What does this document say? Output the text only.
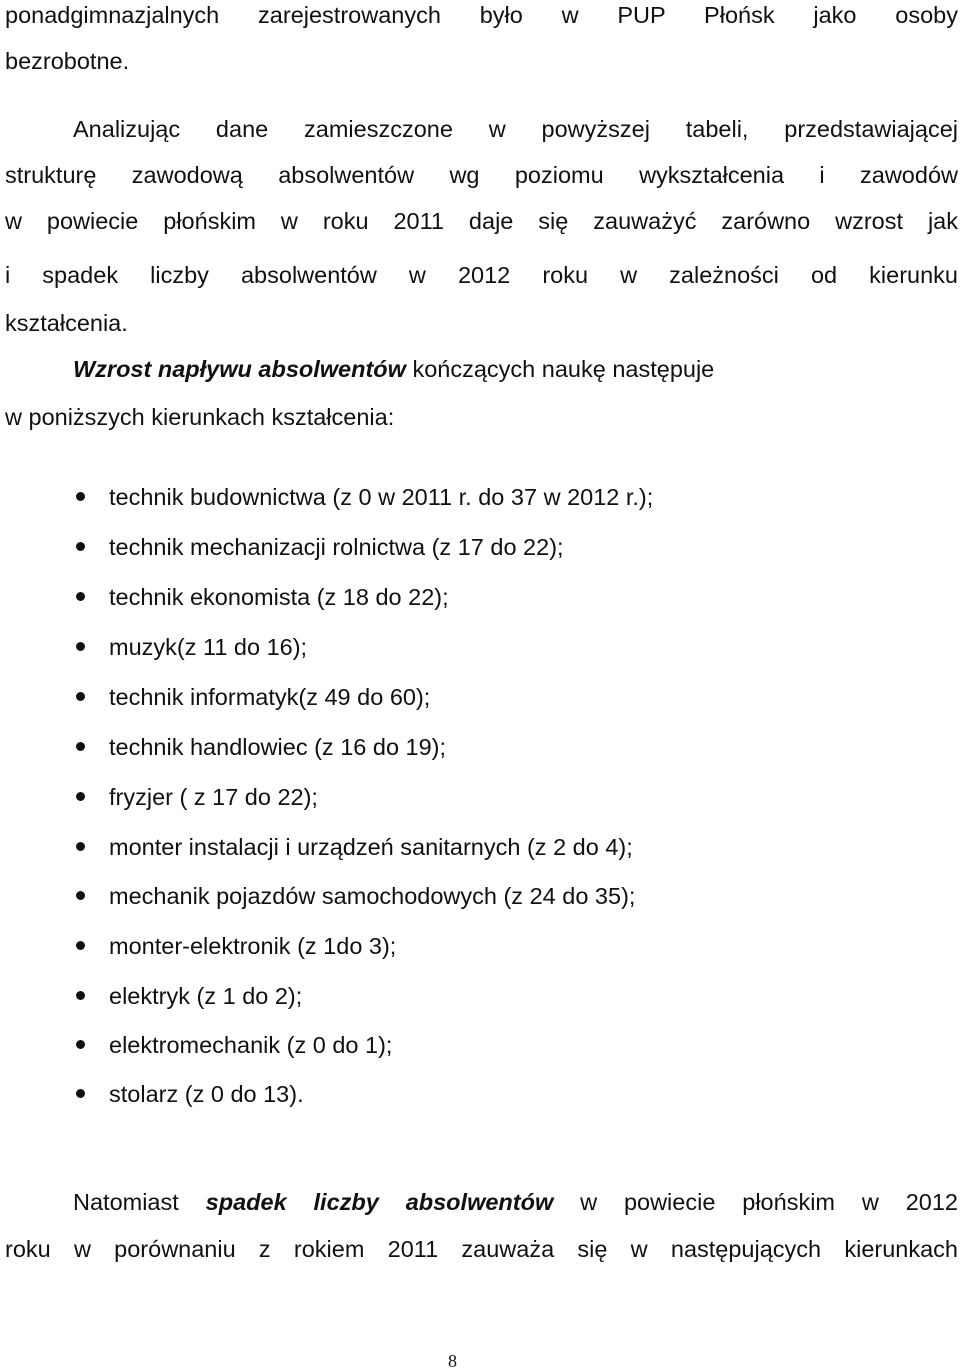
ponadgimnazjalnych zarejestrowanych było w PUP Płońsk jako osoby
bezrobotne.
Analizując dane zamieszczone w powyższej tabeli, przedstawiającej
strukturę zawodową absolwentów wg poziomu wykształcenia i zawodów
w powiecie płońskim w roku 2011 daje się zauważyć zarówno wzrost jak
i spadek liczby absolwentów w 2012 roku w zależności od kierunku
kształcenia.
Wzrost napływu absolwentów kończących naukę następuje
w poniższych kierunkach kształcenia:
technik budownictwa (z 0 w 2011 r. do 37 w 2012 r.);
technik mechanizacji rolnictwa (z 17 do 22);
technik ekonomista (z 18 do 22);
muzyk(z 11 do 16);
technik informatyk(z 49 do 60);
technik handlowiec (z 16 do 19);
fryzjer ( z 17 do 22);
monter instalacji i urządzeń sanitarnych (z 2 do 4);
mechanik pojazdów samochodowych (z 24 do 35);
monter-elektronik (z 1do 3);
elektryk (z 1 do 2);
elektromechanik (z 0 do 1);
stolarz (z 0 do 13).
Natomiast spadek liczby absolwentów w powiecie płońskim w 2012
roku w porównaniu z rokiem 2011 zauważa się w następujących kierunkach
8
